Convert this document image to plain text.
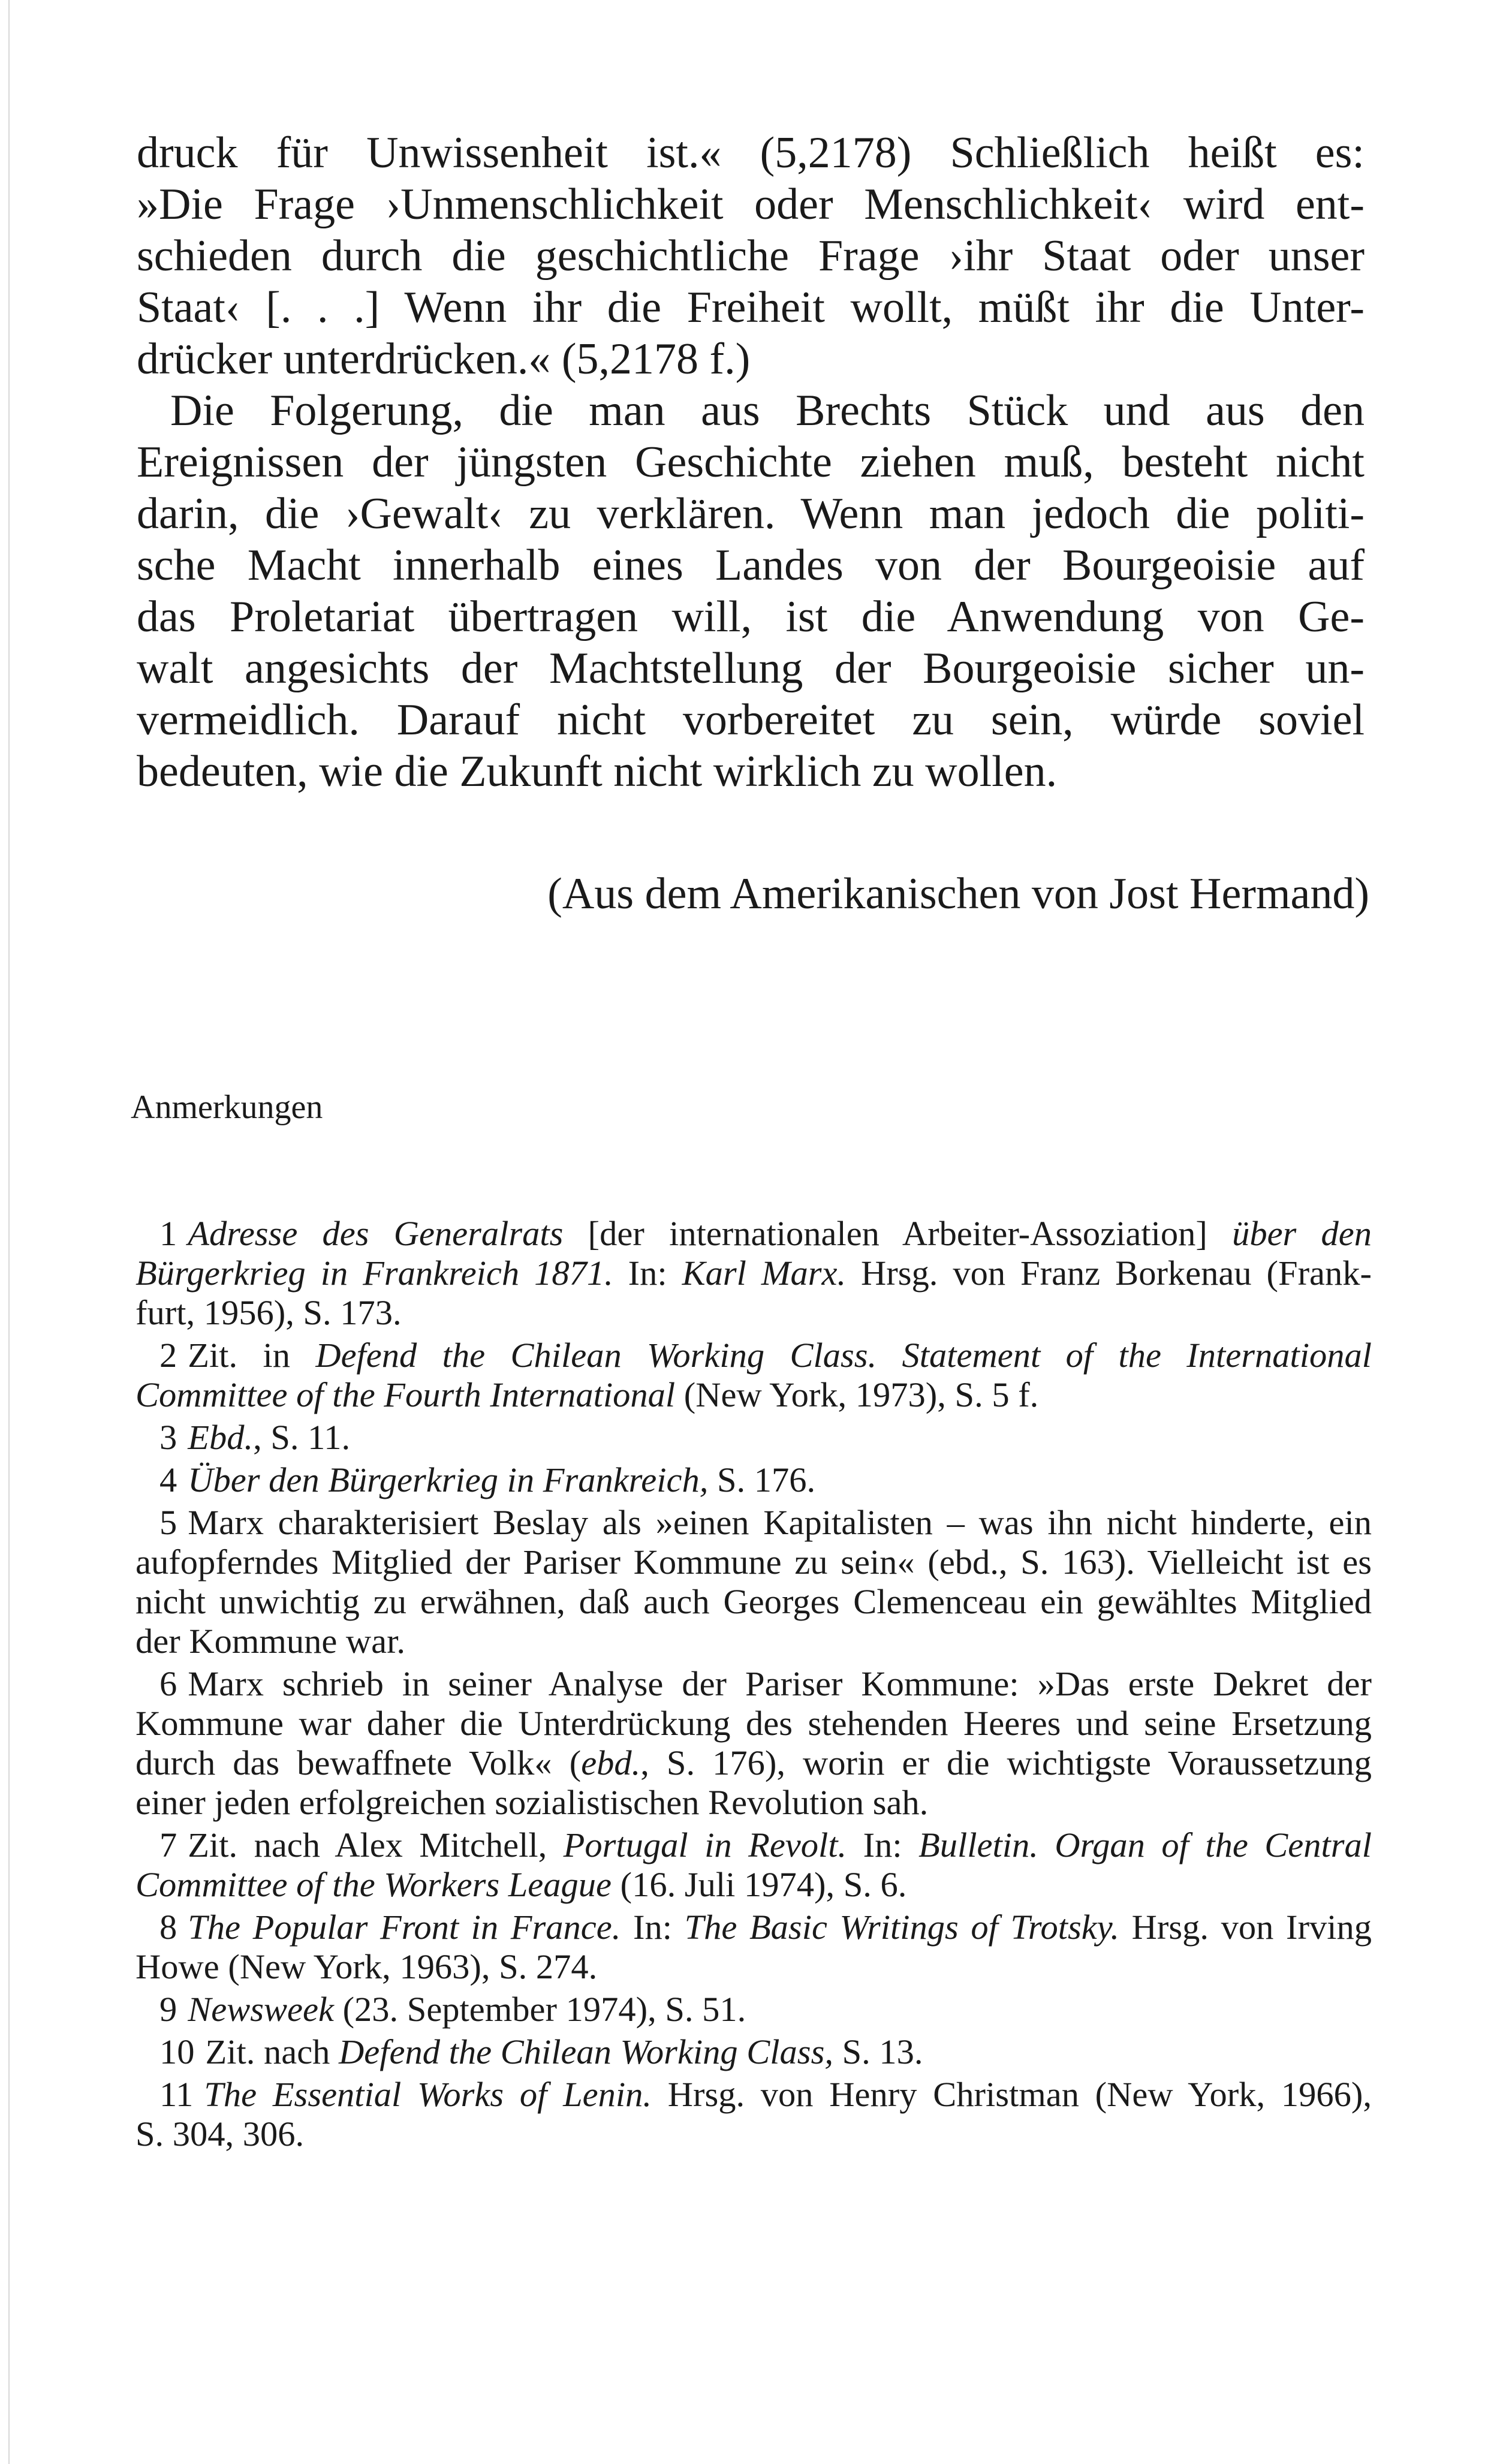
druck für Unwissenheit ist.« (5,2178) Schließlich heißt es:
»Die Frage ›Unmenschlichkeit oder Menschlichkeit‹ wird ent-
schieden durch die geschichtliche Frage ›ihr Staat oder unser
Staat‹ [. . .] Wenn ihr die Freiheit wollt, müßt ihr die Unter-
drücker unterdrücken.« (5,2178 f.)
Die Folgerung, die man aus Brechts Stück und aus den
Ereignissen der jüngsten Geschichte ziehen muß, besteht nicht
darin, die ›Gewalt‹ zu verklären. Wenn man jedoch die politi-
sche Macht innerhalb eines Landes von der Bourgeoisie auf
das Proletariat übertragen will, ist die Anwendung von Ge-
walt angesichts der Machtstellung der Bourgeoisie sicher un-
vermeidlich. Darauf nicht vorbereitet zu sein, würde soviel
bedeuten, wie die Zukunft nicht wirklich zu wollen.
(Aus dem Amerikanischen von Jost Hermand)
Anmerkungen
1 Adresse des Generalrats [der internationalen Arbeiter-Assoziation] über den
Bürgerkrieg in Frankreich 1871. In: Karl Marx. Hrsg. von Franz Borkenau (Frank-
furt, 1956), S. 173.
2 Zit. in Defend the Chilean Working Class. Statement of the International
Committee of the Fourth International (New York, 1973), S. 5 f.
3 Ebd., S. 11.
4 Über den Bürgerkrieg in Frankreich, S. 176.
5 Marx charakterisiert Beslay als »einen Kapitalisten – was ihn nicht hinderte, ein
aufopferndes Mitglied der Pariser Kommune zu sein« (ebd., S. 163). Vielleicht ist es
nicht unwichtig zu erwähnen, daß auch Georges Clemenceau ein gewähltes Mitglied
der Kommune war.
6 Marx schrieb in seiner Analyse der Pariser Kommune: »Das erste Dekret der
Kommune war daher die Unterdrückung des stehenden Heeres und seine Ersetzung
durch das bewaffnete Volk« (ebd., S. 176), worin er die wichtigste Voraussetzung
einer jeden erfolgreichen sozialistischen Revolution sah.
7 Zit. nach Alex Mitchell, Portugal in Revolt. In: Bulletin. Organ of the Central
Committee of the Workers League (16. Juli 1974), S. 6.
8 The Popular Front in France. In: The Basic Writings of Trotsky. Hrsg. von Irving
Howe (New York, 1963), S. 274.
9 Newsweek (23. September 1974), S. 51.
10 Zit. nach Defend the Chilean Working Class, S. 13.
11 The Essential Works of Lenin. Hrsg. von Henry Christman (New York, 1966),
S. 304, 306.
